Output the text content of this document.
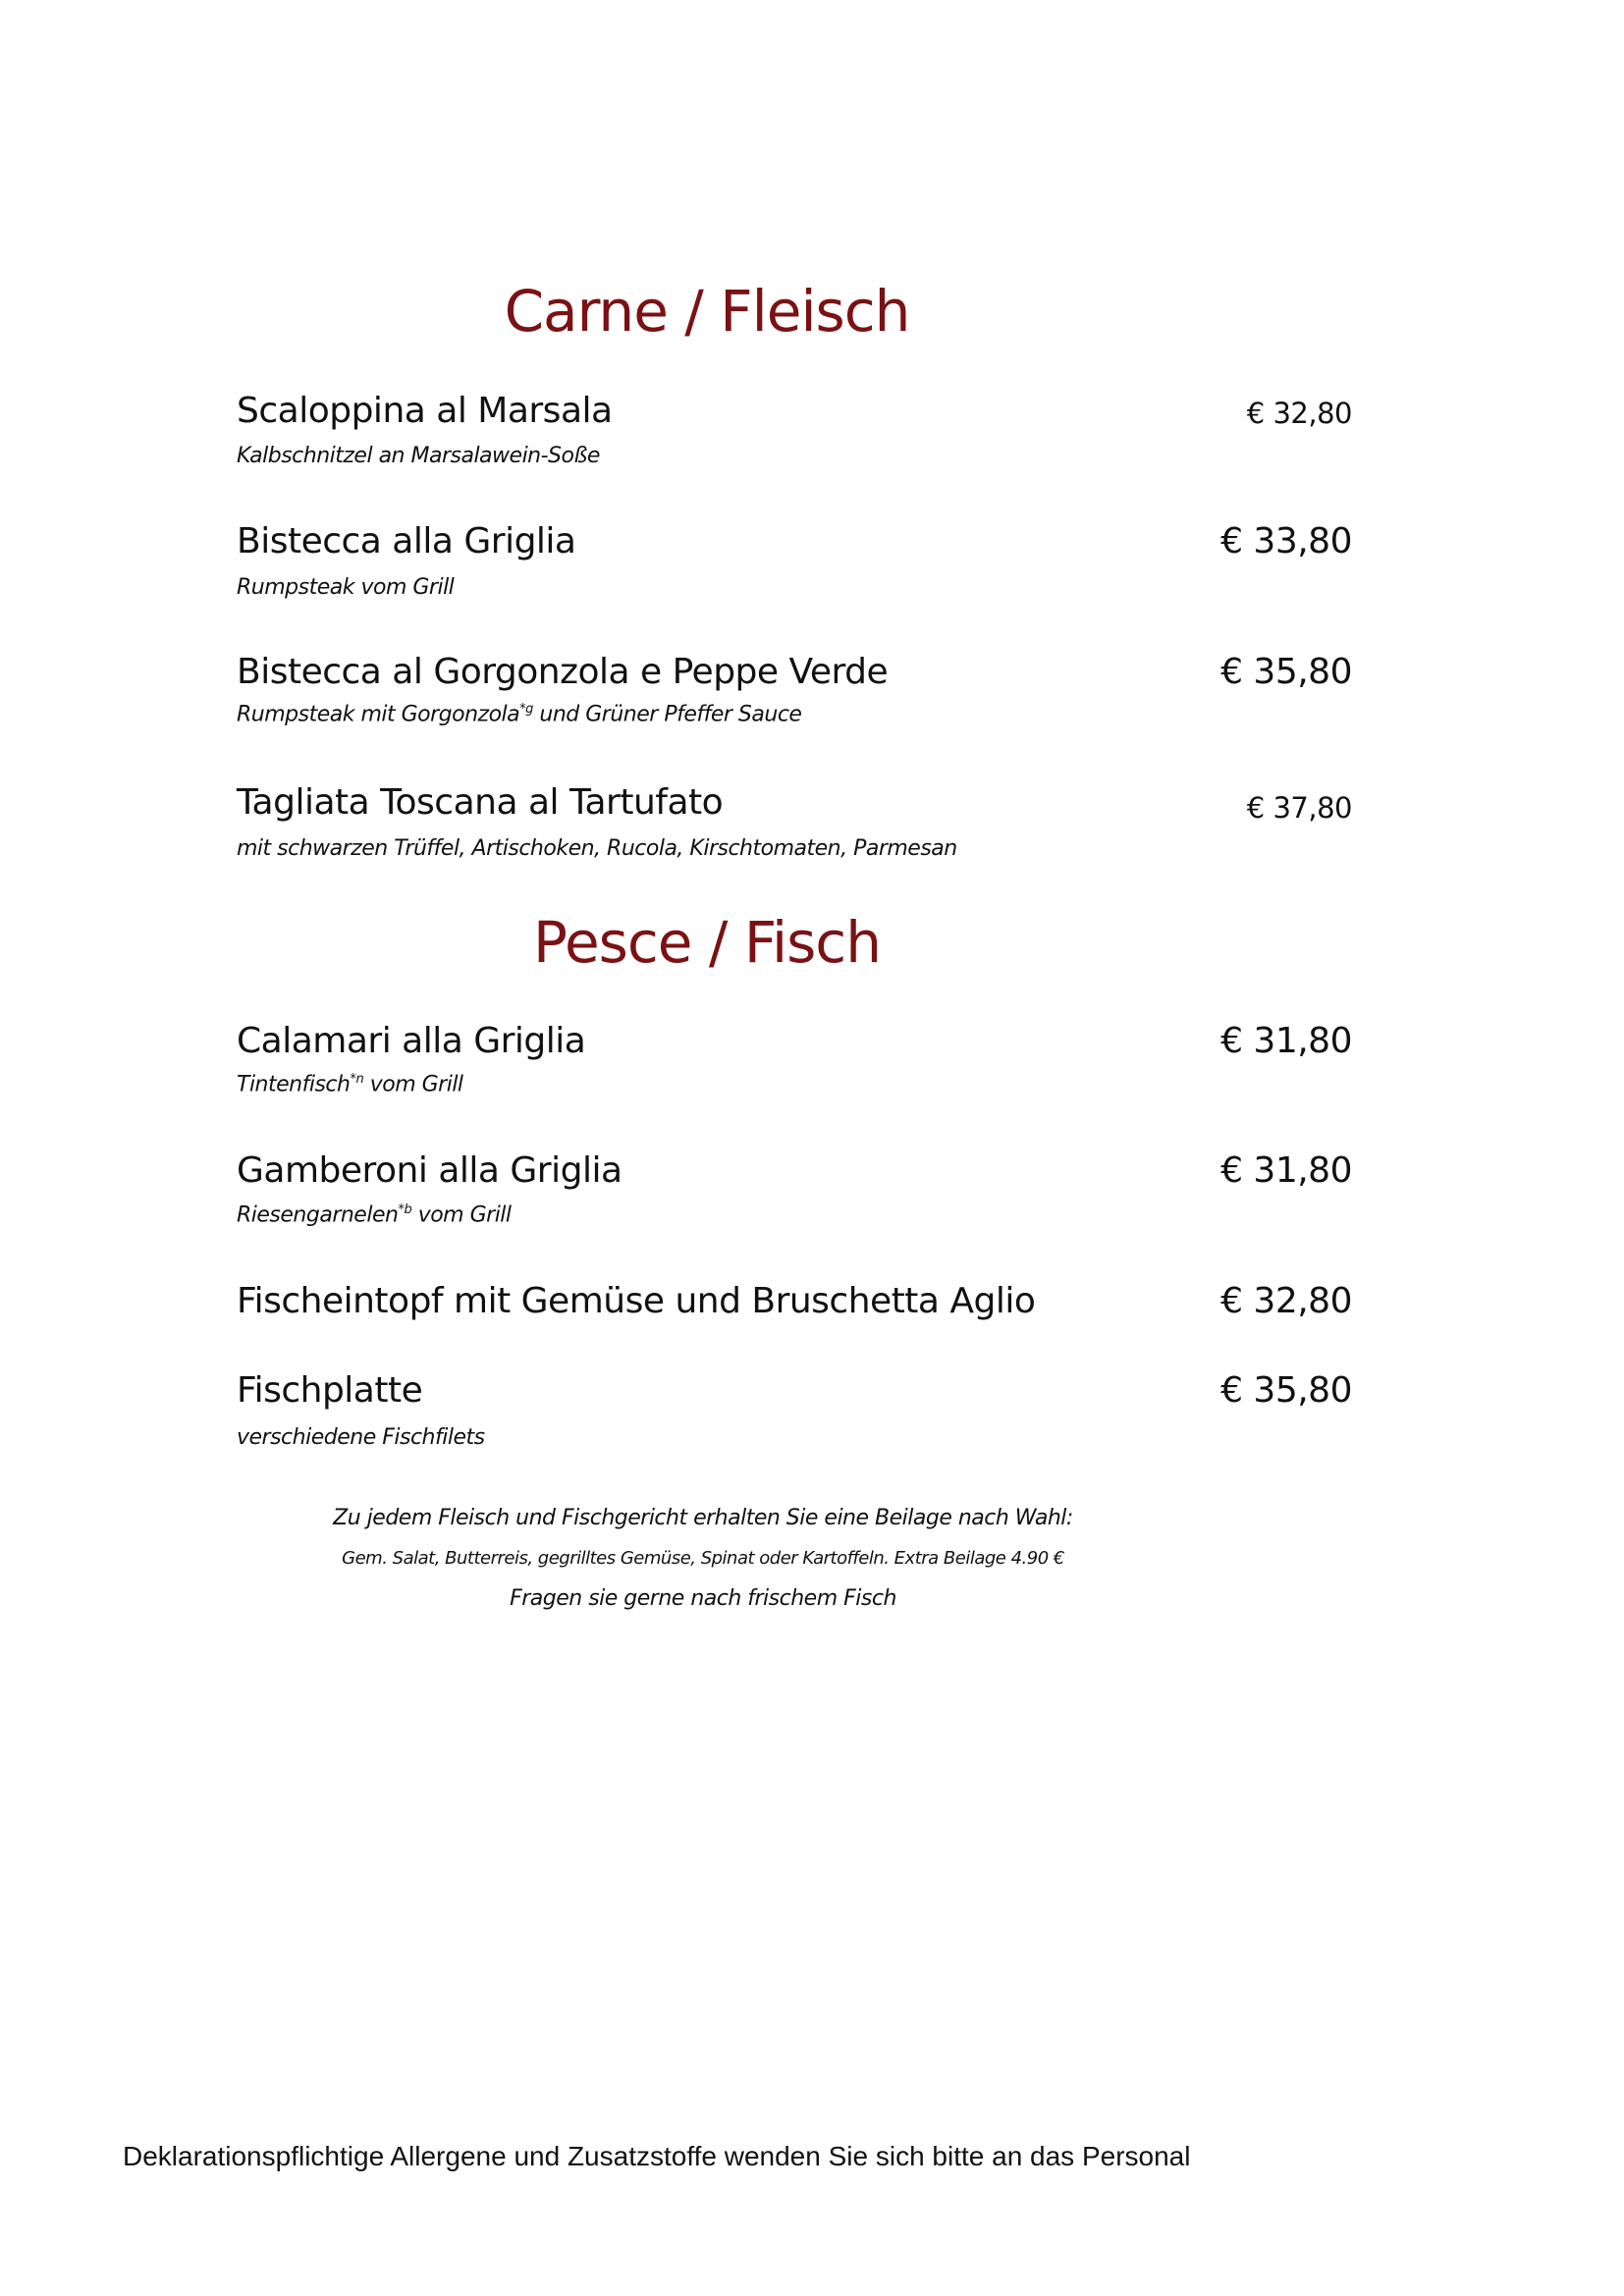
Carne / Fleisch

Scaloppina al Marsala	€ 32,80

Kalbschnitzel an Marsalawein-Soße

Bistecca alla Griglia	€ 33,80

Rumpsteak vom Grill

Bistecca al Gorgonzola e Peppe Verde	€ 35,80

Rumpsteak mit Gorgonzola$^{*g}$ und Grüner Pfeffer Sauce

Tagliata Toscana al Tartufato	€ 37,80

mit schwarzen Trüffel, Artischoken, Rucola, Kirschtomaten, Parmesan

Pesce / Fisch

Calamari alla Griglia	€ 31,80

Tintenfisch$^{*n}$ vom Grill

Gamberoni alla Griglia	€ 31,80

Riesengarnelen$^{*b}$ vom Grill

Fischeintopf mit Gemüse und Bruschetta Aglio	€ 32,80

Fischplatte	€ 35,80

verschiedene Fischfilets

Zu jedem Fleisch und Fischgericht erhalten Sie eine Beilage nach Wahl:

Gem. Salat, Butterreis, gegrilltes Gemüse, Spinat oder Kartoffeln. Extra Beilage 4.90 €

Fragen sie gerne nach frischem Fisch

Deklarationspflichtige Allergene und Zusatzstoffe wenden Sie sich bitte an das Personal
